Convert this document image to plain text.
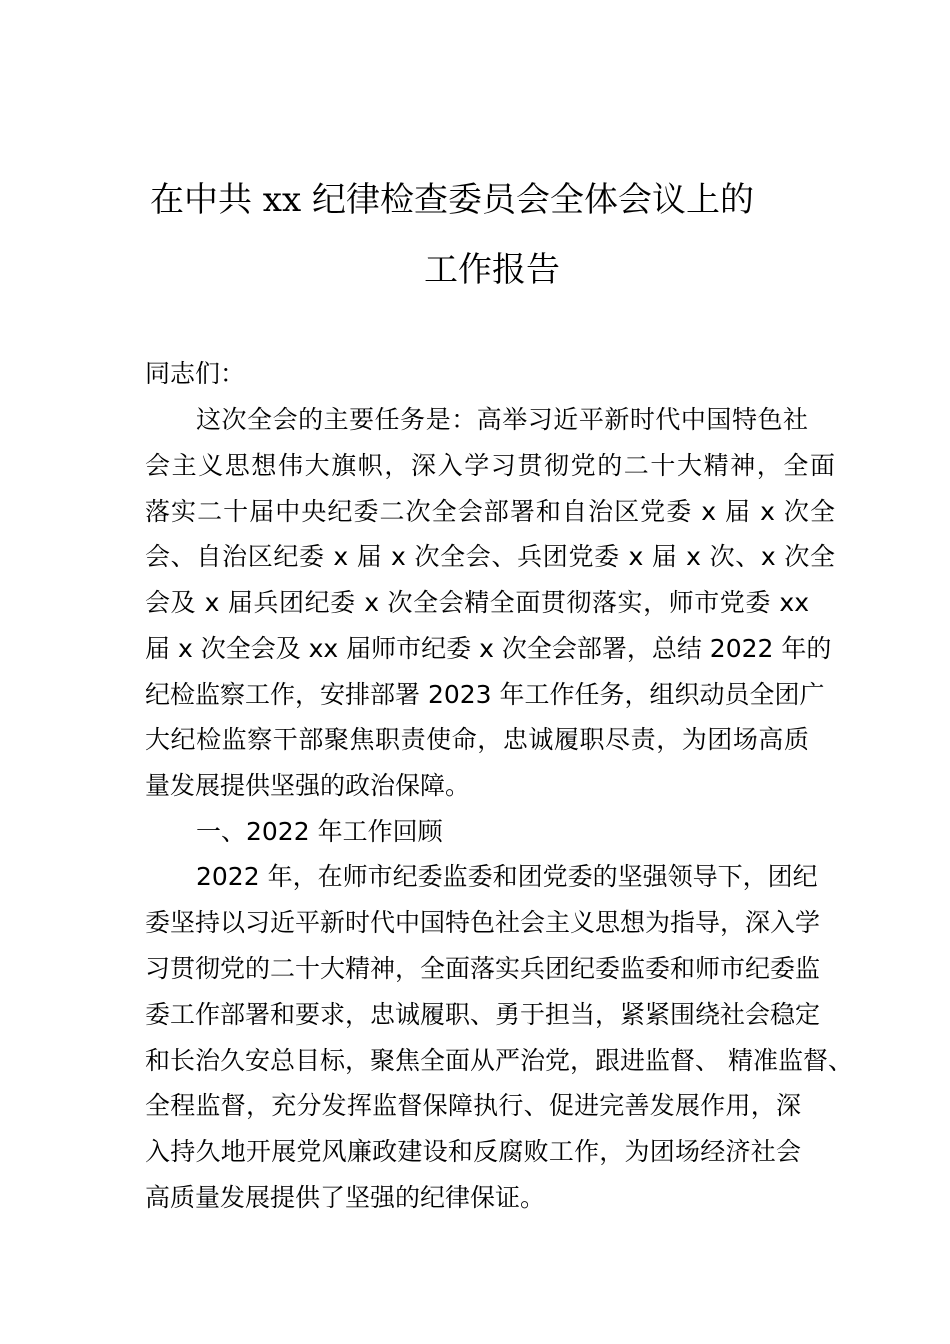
在中共 xx 纪律检查委员会全体会议上的
工作报告
同志们：
这次全会的主要任务是：高举习近平新时代中国特色社
会主义思想伟大旗帜，深入学习贯彻党的二十大精神，全面
落实二十届中央纪委二次全会部署和自治区党委 x 届 x 次全
会、自治区纪委 x 届 x 次全会、兵团党委 x 届 x 次、x 次全
会及 x 届兵团纪委 x 次全会精全面贯彻落实，师市党委 xx
届 x 次全会及 xx 届师市纪委 x 次全会部署，总结 2022 年的
纪检监察工作，安排部署 2023 年工作任务，组织动员全团广
大纪检监察干部聚焦职责使命，忠诚履职尽责，为团场高质
量发展提供坚强的政治保障。
一、2022 年工作回顾
2022 年，在师市纪委监委和团党委的坚强领导下，团纪
委坚持以习近平新时代中国特色社会主义思想为指导，深入学
习贯彻党的二十大精神，全面落实兵团纪委监委和师市纪委监
委工作部署和要求，忠诚履职、勇于担当，紧紧围绕社会稳定
和长治久安总目标，聚焦全面从严治党，跟进监督、 精准监督、
全程监督，充分发挥监督保障执行、促进完善发展作用，深
入持久地开展党风廉政建设和反腐败工作，为团场经济社会
高质量发展提供了坚强的纪律保证。
